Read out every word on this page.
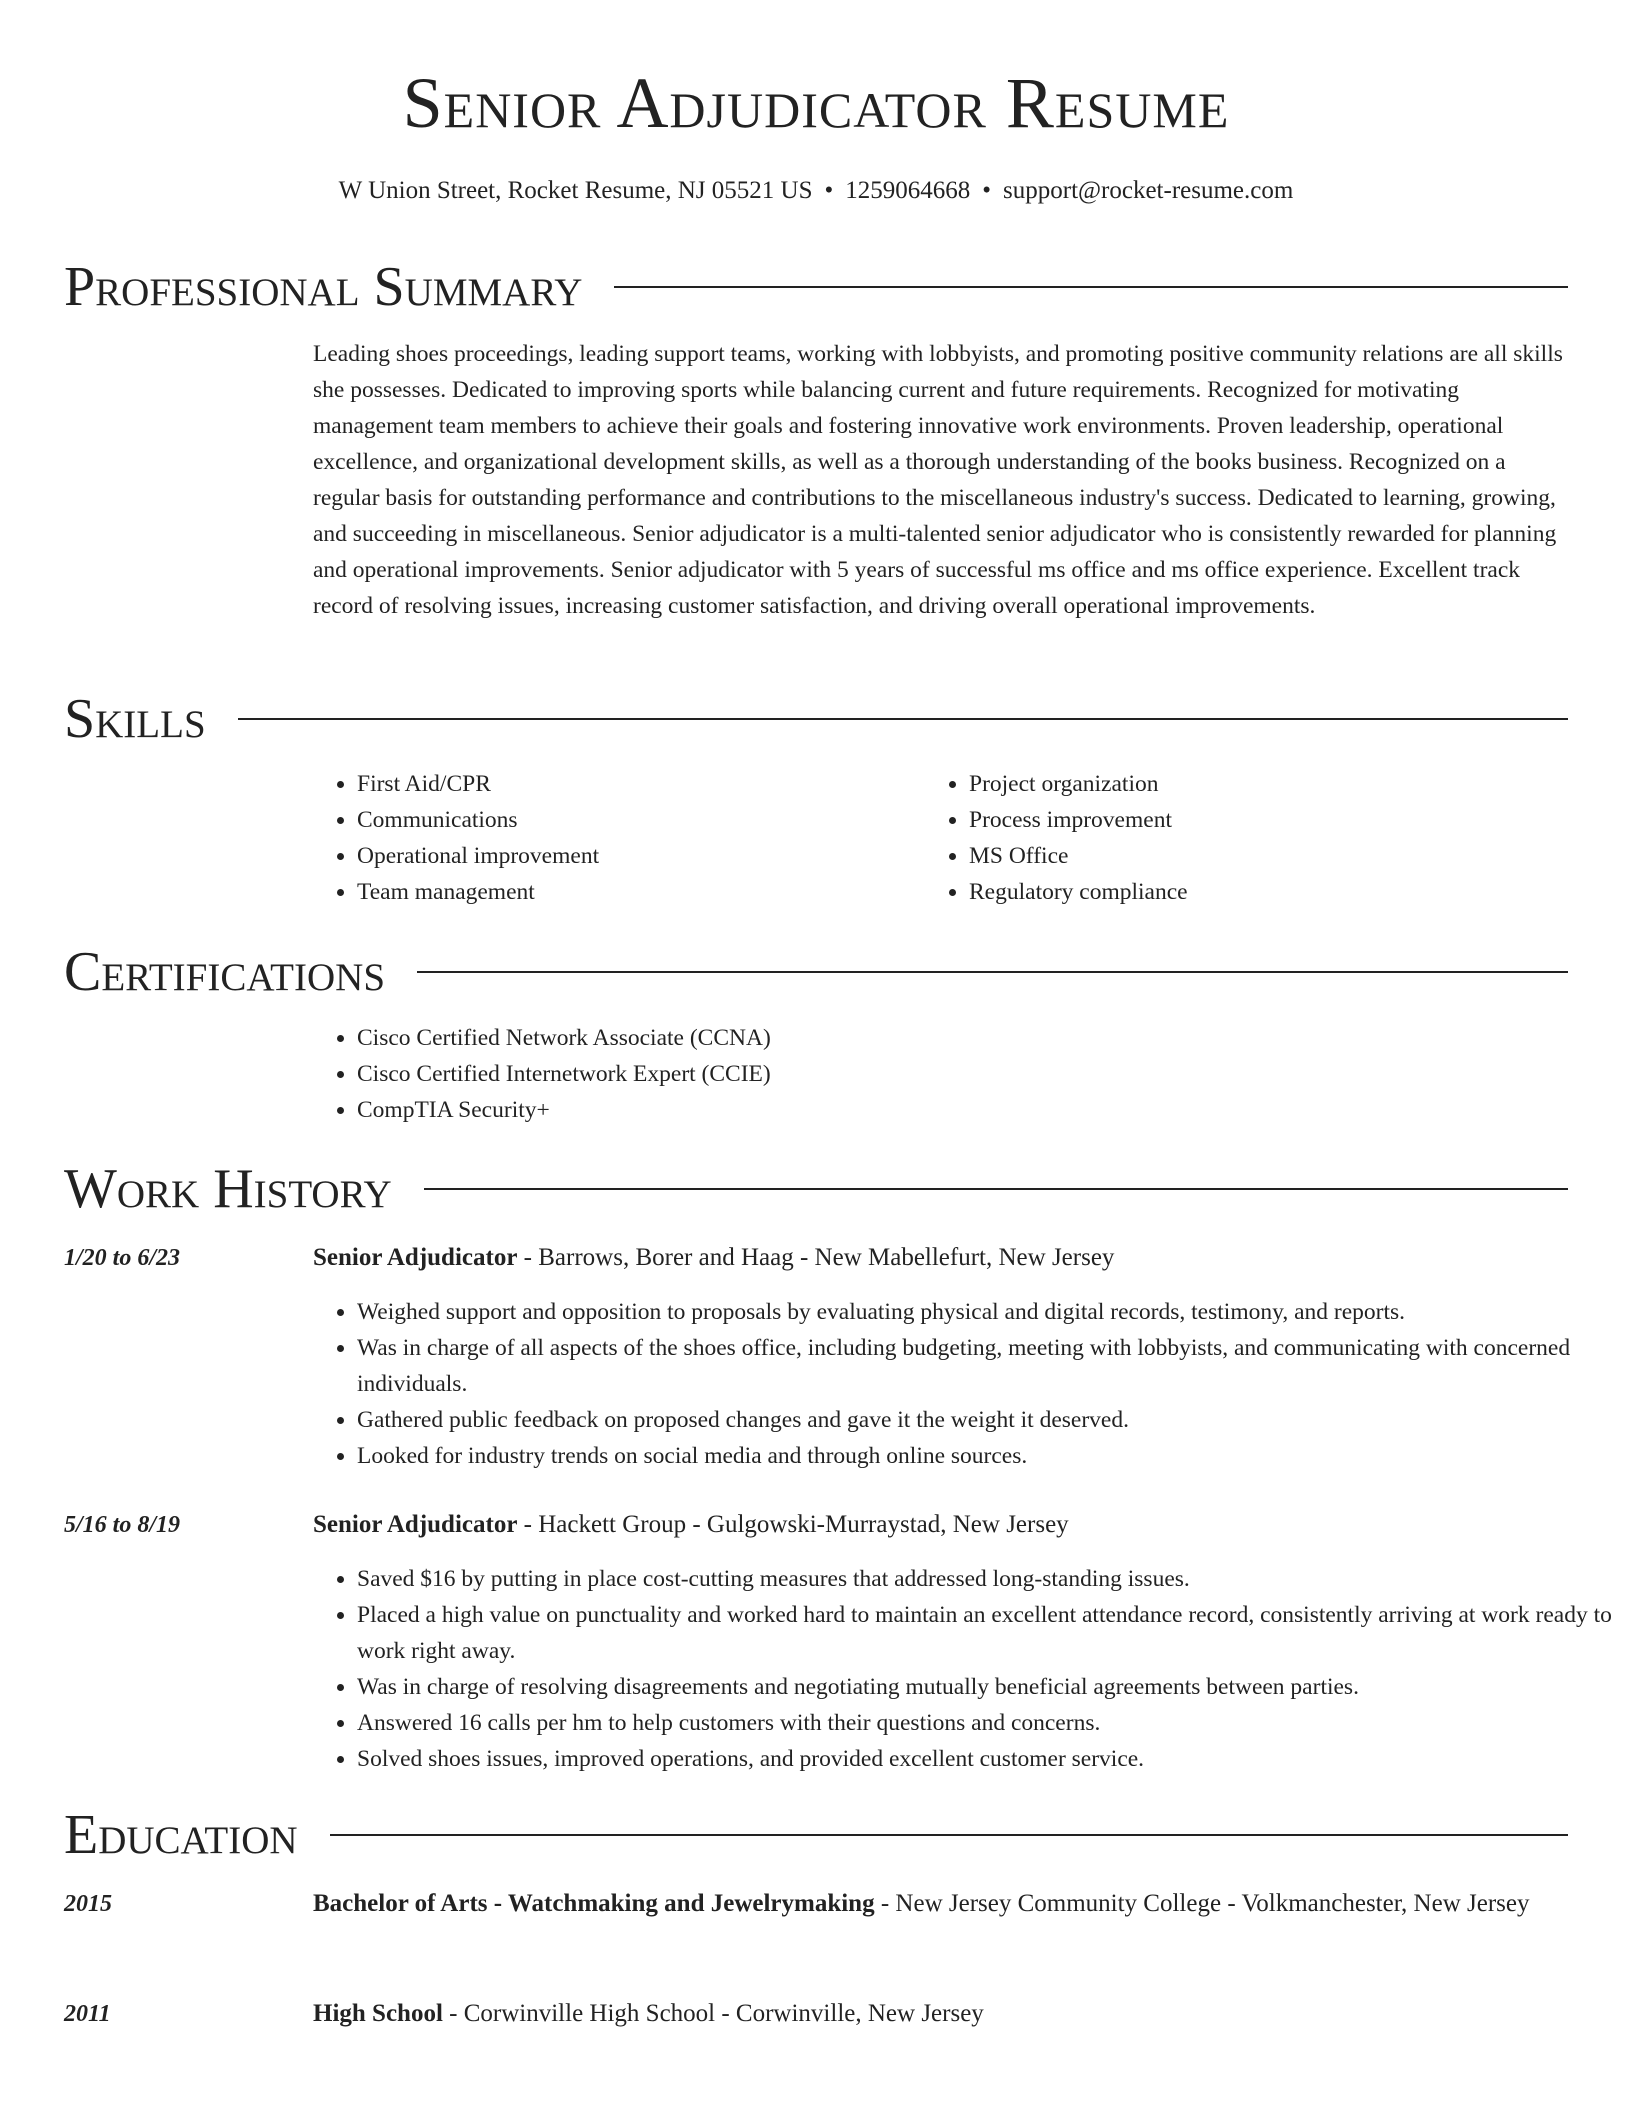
Senior Adjudicator Resume
W Union Street, Rocket Resume, NJ 05521 US • 1259064668 • support@rocket-resume.com
Professional Summary

Leading shoes proceedings, leading support teams, working with lobbyists, and promoting positive community relations are all skills she possesses. Dedicated to improving sports while balancing current and future requirements. Recognized for motivating management team members to achieve their goals and fostering innovative work environments. Proven leadership, operational excellence, and organizational development skills, as well as a thorough understanding of the books business. Recognized on a regular basis for outstanding performance and contributions to the miscellaneous industry's success. Dedicated to learning, growing, and succeeding in miscellaneous. Senior adjudicator is a multi-talented senior adjudicator who is consistently rewarded for planning and operational improvements. Senior adjudicator with 5 years of successful ms office and ms office experience. Excellent track record of resolving issues, increasing customer satisfaction, and driving overall operational improvements.

Skills
• First Aid/CPR
• Communications
• Operational improvement
• Team management
• Project organization
• Process improvement
• MS Office
• Regulatory compliance
Certifications
• Cisco Certified Network Associate (CCNA)
• Cisco Certified Internetwork Expert (CCIE)
• CompTIA Security+
Work History
1/20 to 6/23	Senior Adjudicator - Barrows, Borer and Haag - New Mabellefurt, New Jersey
• Weighed support and opposition to proposals by evaluating physical and digital records, testimony, and reports.
• Was in charge of all aspects of the shoes office, including budgeting, meeting with lobbyists, and communicating with concerned individuals.
• Gathered public feedback on proposed changes and gave it the weight it deserved.
• Looked for industry trends on social media and through online sources.
5/16 to 8/19	Senior Adjudicator - Hackett Group - Gulgowski-Murraystad, New Jersey
• Saved $16 by putting in place cost-cutting measures that addressed long-standing issues.
• Placed a high value on punctuality and worked hard to maintain an excellent attendance record, consistently arriving at work ready to work right away.
• Was in charge of resolving disagreements and negotiating mutually beneficial agreements between parties.
• Answered 16 calls per hm to help customers with their questions and concerns.
• Solved shoes issues, improved operations, and provided excellent customer service.
Education
2015	Bachelor of Arts - Watchmaking and Jewelrymaking - New Jersey Community College - Volkmanchester, New Jersey
2011	High School - Corwinville High School - Corwinville, New Jersey
